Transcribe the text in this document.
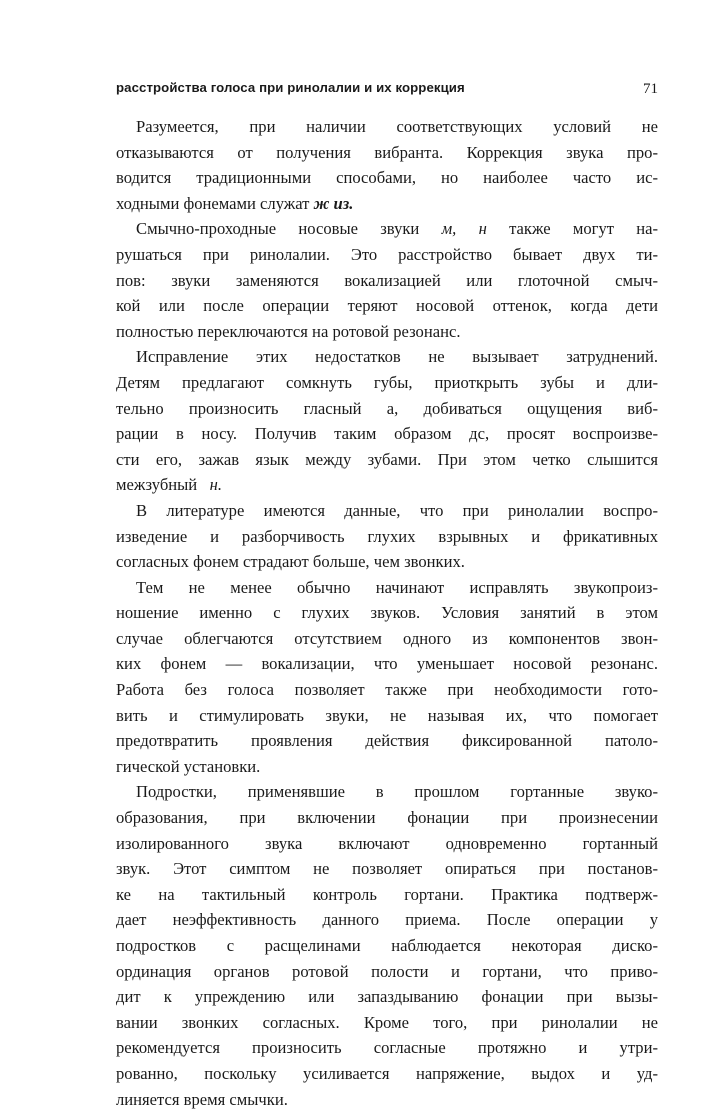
расстройства голоса при ринолалии и их коррекция	71
Разумеется, при наличии соответствующих условий не
отказываются от получения вибранта. Коррекция звука про-
водится традиционными способами, но наиболее часто ис-
ходными фонемами служат ж из.
Смычно-проходные носовые звуки м, н также могут на-
рушаться при ринолалии. Это расстройство бывает двух ти-
пов: звуки заменяются вокализацией или глоточной смыч-
кой или после операции теряют носовой оттенок, когда дети
полностью переключаются на ротовой резонанс.
Исправление этих недостатков не вызывает затруднений.
Детям предлагают сомкнуть губы, приоткрыть зубы и дли-
тельно произносить гласный а, добиваться ощущения виб-
рации в носу. Получив таким образом дс, просят воспроизве-
сти его, зажав язык между зубами. При этом четко слышится
межзубный н.
В литературе имеются данные, что при ринолалии воспро-
изведение и разборчивость глухих взрывных и фрикативных
согласных фонем страдают больше, чем звонких.
Тем не менее обычно начинают исправлять звукопроиз-
ношение именно с глухих звуков. Условия занятий в этом
случае облегчаются отсутствием одного из компонентов звон-
ких фонем — вокализации, что уменьшает носовой резонанс.
Работа без голоса позволяет также при необходимости гото-
вить и стимулировать звуки, не называя их, что помогает
предотвратить проявления действия фиксированной патоло-
гической установки.
Подростки, применявшие в прошлом гортанные звуко-
образования, при включении фонации при произнесении
изолированного звука включают одновременно гортанный
звук. Этот симптом не позволяет опираться при постанов-
ке на тактильный контроль гортани. Практика подтверж-
дает неэффективность данного приема. После операции у
подростков с расщелинами наблюдается некоторая диско-
ординация органов ротовой полости и гортани, что приво-
дит к упреждению или запаздыванию фонации при вызы-
вании звонких согласных. Кроме того, при ринолалии не
рекомендуется произносить согласные протяжно и утри-
рованно, поскольку усиливается напряжение, выдох и уд-
линяется время смычки.
